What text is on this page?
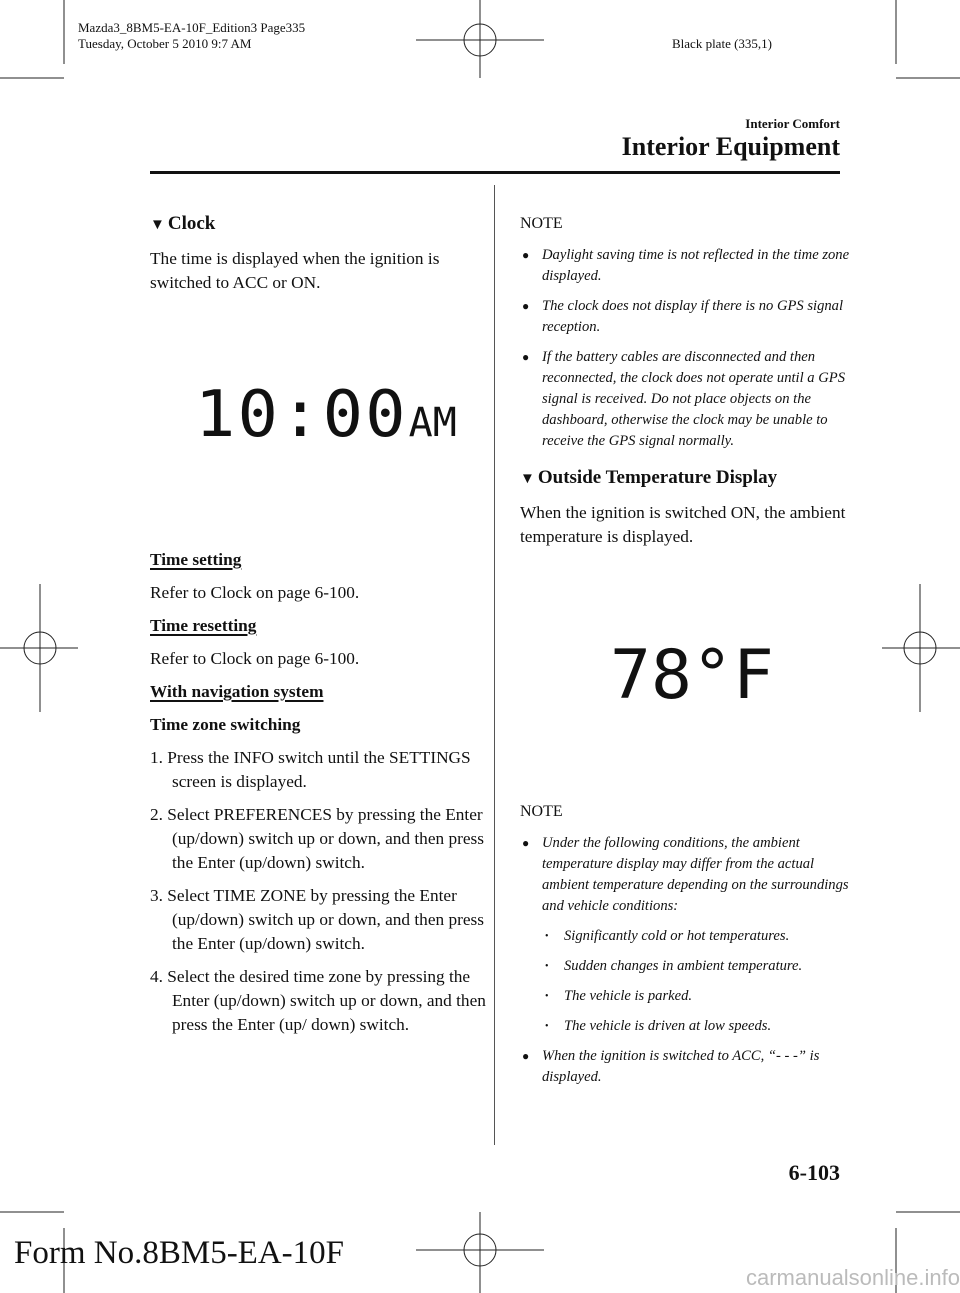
Mazda3_8BM5-EA-10F_Edition3 Page335
Tuesday, October 5 2010 9:7 AM	Black plate (335,1)
Interior Comfort
Interior Equipment
▼ Clock

The time is displayed when the ignition is switched to ACC or ON.

10:00AM

Time setting

Refer to Clock on page 6-100.

Time resetting

Refer to Clock on page 6-100.

With navigation system

Time zone switching

1. Press the INFO switch until the SETTINGS screen is displayed.

2. Select PREFERENCES by pressing the Enter (up/down) switch up or down, and then press the Enter (up/down) switch.

3. Select TIME ZONE by pressing the Enter (up/down) switch up or down, and then press the Enter (up/down) switch.

4. Select the desired time zone by pressing the Enter (up/down) switch up or down, and then press the Enter (up/ down) switch.

NOTE

● Daylight saving time is not reflected in the time zone displayed.

● The clock does not display if there is no GPS signal reception.

● If the battery cables are disconnected and then reconnected, the clock does not operate until a GPS signal is received. Do not place objects on the dashboard, otherwise the clock may be unable to receive the GPS signal normally.

▼ Outside Temperature Display

When the ignition is switched ON, the ambient temperature is displayed.

78°F

NOTE

● Under the following conditions, the ambient temperature display may differ from the actual ambient temperature depending on the surroundings and vehicle conditions:

• Significantly cold or hot temperatures.

• Sudden changes in ambient temperature.

• The vehicle is parked.

• The vehicle is driven at low speeds.

● When the ignition is switched to ACC, “- - -” is displayed.

6-103
Form No.8BM5-EA-10F
carmanualsonline.info
